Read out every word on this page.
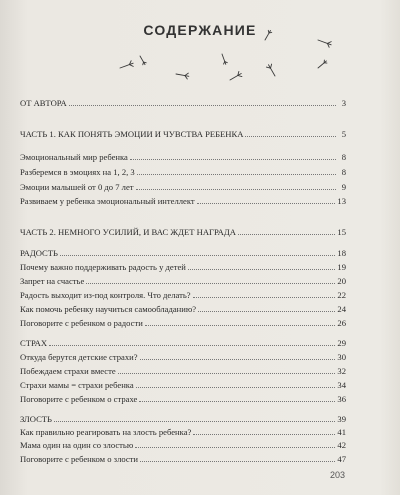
СОДЕРЖАНИЕ
ОТ АВТОРА	3
ЧАСТЬ 1. КАК ПОНЯТЬ ЭМОЦИИ И ЧУВСТВА РЕБЕНКА	5
Эмоциональный мир ребенка	8
Разберемся в эмоциях на 1, 2, 3	8
Эмоции малышей от 0 до 7 лет	9
Развиваем у ребенка эмоциональный интеллект	13
ЧАСТЬ 2. НЕМНОГО УСИЛИЙ, И ВАС ЖДЕТ НАГРАДА	15
РАДОСТЬ	18
Почему важно поддерживать радость у детей	19
Запрет на счастье	20
Радость выходит из-под контроля. Что делать?	22
Как помочь ребенку научиться самообладанию?	24
Поговорите с ребенком о радости	26
СТРАХ	29
Откуда берутся детские страхи?	30
Побеждаем страхи вместе	32
Страхи мамы = страхи ребенка	34
Поговорите с ребенком о страхе	36
ЗЛОСТЬ	39
Как правильно реагировать на злость ребенка?	41
Мама один на один со злостью	42
Поговорите с ребенком о злости	47
203
